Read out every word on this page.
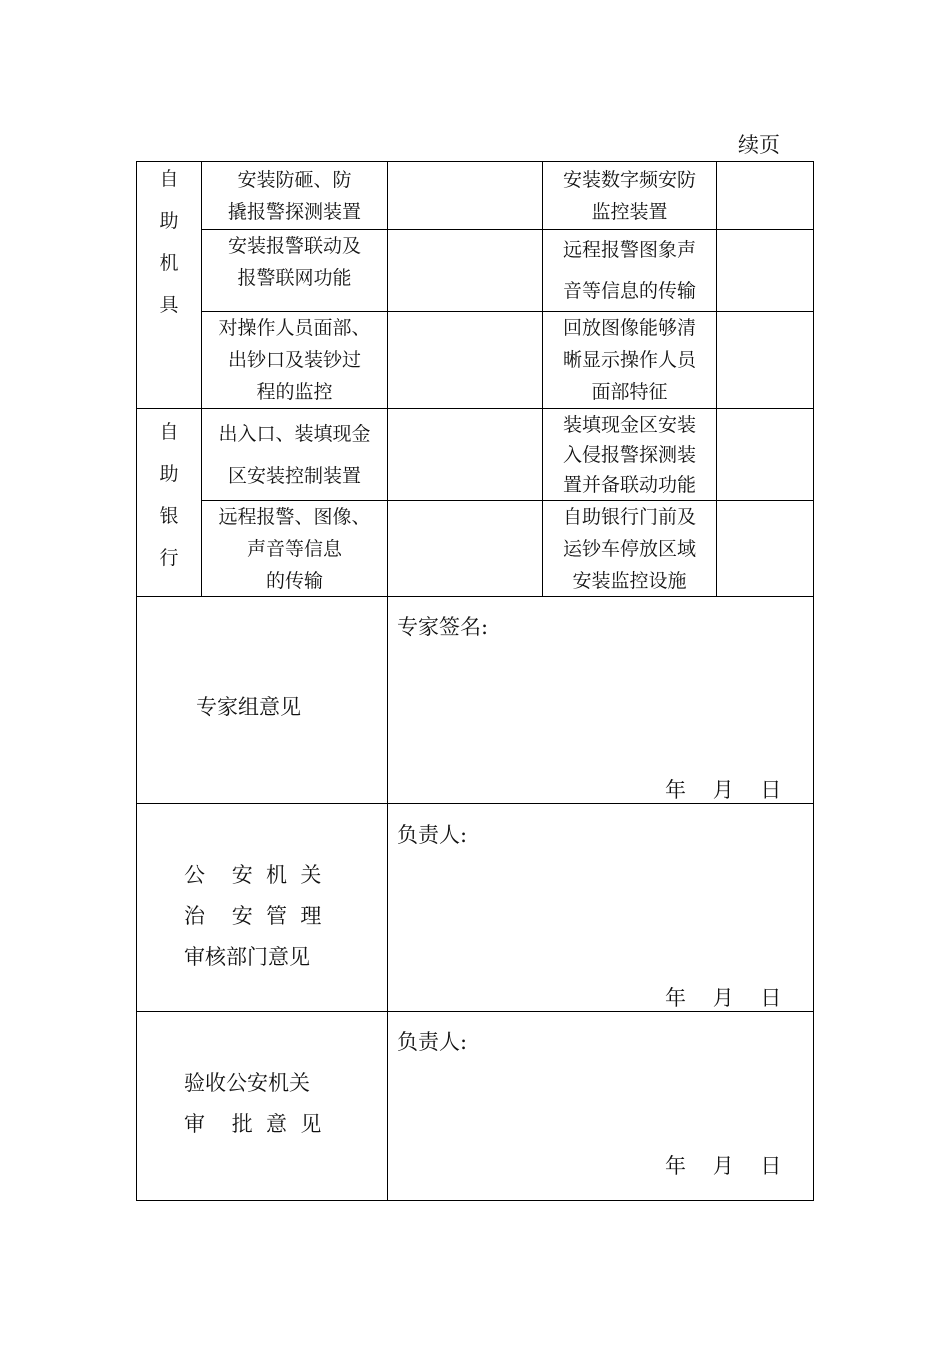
续页
自
助
机
具
安装防砸、防
撬报警探测装置
安装数字频安防
监控装置
安装报警联动及
报警联网功能
远程报警图象声
音等信息的传输
对操作人员面部、
出钞口及装钞过
程的监控
回放图像能够清
晰显示操作人员
面部特征
自
助
银
行
出入口、装填现金
区安装控制装置
装填现金区安装
入侵报警探测装
置并备联动功能
远程报警、图像、
声音等信息
的传输
自助银行门前及
运钞车停放区域
安装监控设施
专家组意见
专家签名:
年    月    日
公    安  机  关
治    安  管  理
审核部门意见
负责人:
年    月    日
验收公安机关
审    批  意  见
负责人:
年    月    日
